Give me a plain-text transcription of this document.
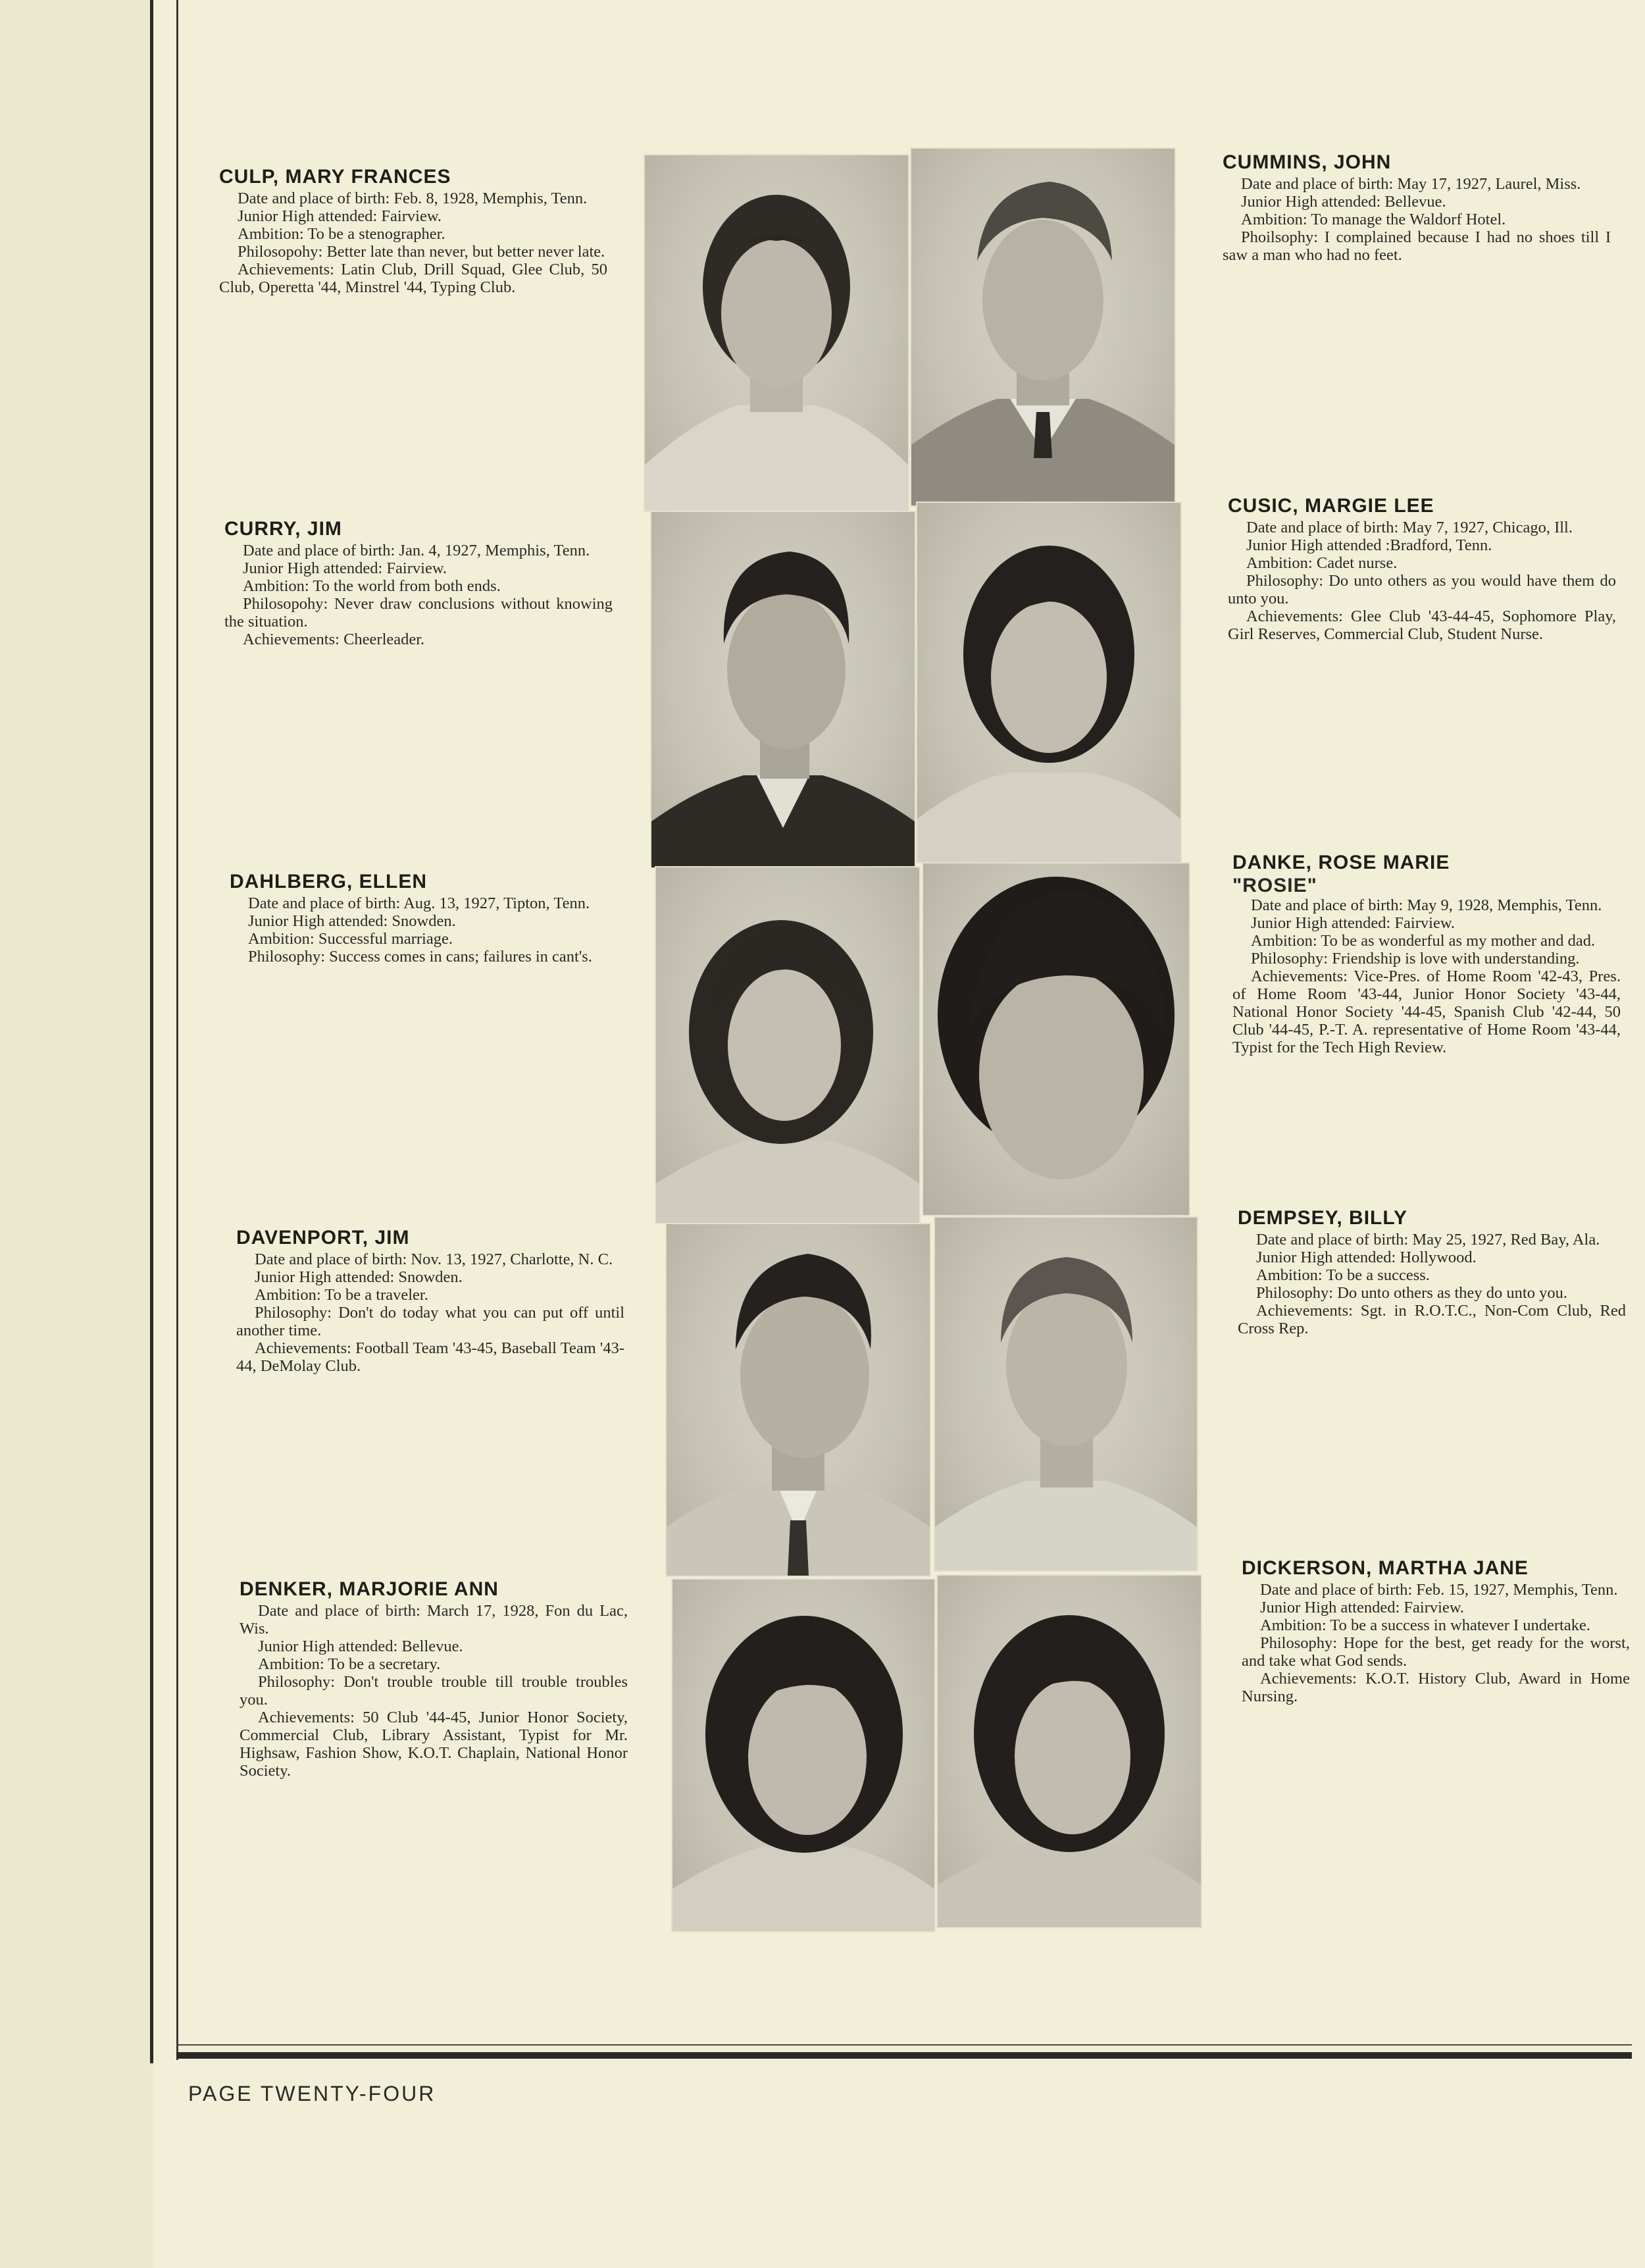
CULP, MARY FRANCES
Date and place of birth: Feb. 8, 1928, Memphis, Tenn.
Junior High attended: Fairview.
Ambition: To be a stenographer.
Philosopohy: Better late than never, but better never late.
Achievements: Latin Club, Drill Squad, Glee Club, 50 Club, Operetta '44, Minstrel '44, Typing Club.
CURRY, JIM
Date and place of birth: Jan. 4, 1927, Memphis, Tenn.
Junior High attended: Fairview.
Ambition: To the world from both ends.
Philosopohy: Never draw conclusions without knowing the situation.
Achievements: Cheerleader.
DAHLBERG, ELLEN
Date and place of birth: Aug. 13, 1927, Tipton, Tenn.
Junior High attended: Snowden.
Ambition: Successful marriage.
Philosophy: Success comes in cans; failures in cant's.
DAVENPORT, JIM
Date and place of birth: Nov. 13, 1927, Charlotte, N. C.
Junior High attended: Snowden.
Ambition: To be a traveler.
Philosophy: Don't do today what you can put off until another time.
Achievements: Football Team '43-45, Baseball Team '43-44, DeMolay Club.
DENKER, MARJORIE ANN
Date and place of birth: March 17, 1928, Fon du Lac, Wis.
Junior High attended: Bellevue.
Ambition: To be a secretary.
Philosophy: Don't trouble trouble till trouble troubles you.
Achievements: 50 Club '44-45, Junior Honor Society, Commercial Club, Library Assistant, Typist for Mr. Highsaw, Fashion Show, K.O.T. Chaplain, National Honor Society.
CUMMINS, JOHN
Date and place of birth: May 17, 1927, Laurel, Miss.
Junior High attended: Bellevue.
Ambition: To manage the Waldorf Hotel.
Phoilsophy: I complained because I had no shoes till I saw a man who had no feet.
CUSIC, MARGIE LEE
Date and place of birth: May 7, 1927, Chicago, Ill.
Junior High attended :Bradford, Tenn.
Ambition: Cadet nurse.
Philosophy: Do unto others as you would have them do unto you.
Achievements: Glee Club '43-44-45, Sophomore Play, Girl Reserves, Commercial Club, Student Nurse.
DANKE, ROSE MARIE
"ROSIE"
Date and place of birth: May 9, 1928, Memphis, Tenn.
Junior High attended: Fairview.
Ambition: To be as wonderful as my mother and dad.
Philosophy: Friendship is love with understanding.
Achievements: Vice-Pres. of Home Room '42-43, Pres. of Home Room '43-44, Junior Honor Society '43-44, National Honor Society '44-45, Spanish Club '42-44, 50 Club '44-45, P.-T. A. representative of Home Room '43-44, Typist for the Tech High Review.
DEMPSEY, BILLY
Date and place of birth: May 25, 1927, Red Bay, Ala.
Junior High attended: Hollywood.
Ambition: To be a success.
Philosophy: Do unto others as they do unto you.
Achievements: Sgt. in R.O.T.C., Non-Com Club, Red Cross Rep.
DICKERSON, MARTHA JANE
Date and place of birth: Feb. 15, 1927, Memphis, Tenn.
Junior High attended: Fairview.
Ambition: To be a success in whatever I undertake.
Philosophy: Hope for the best, get ready for the worst, and take what God sends.
Achievements: K.O.T. History Club, Award in Home Nursing.
PAGE TWENTY-FOUR
